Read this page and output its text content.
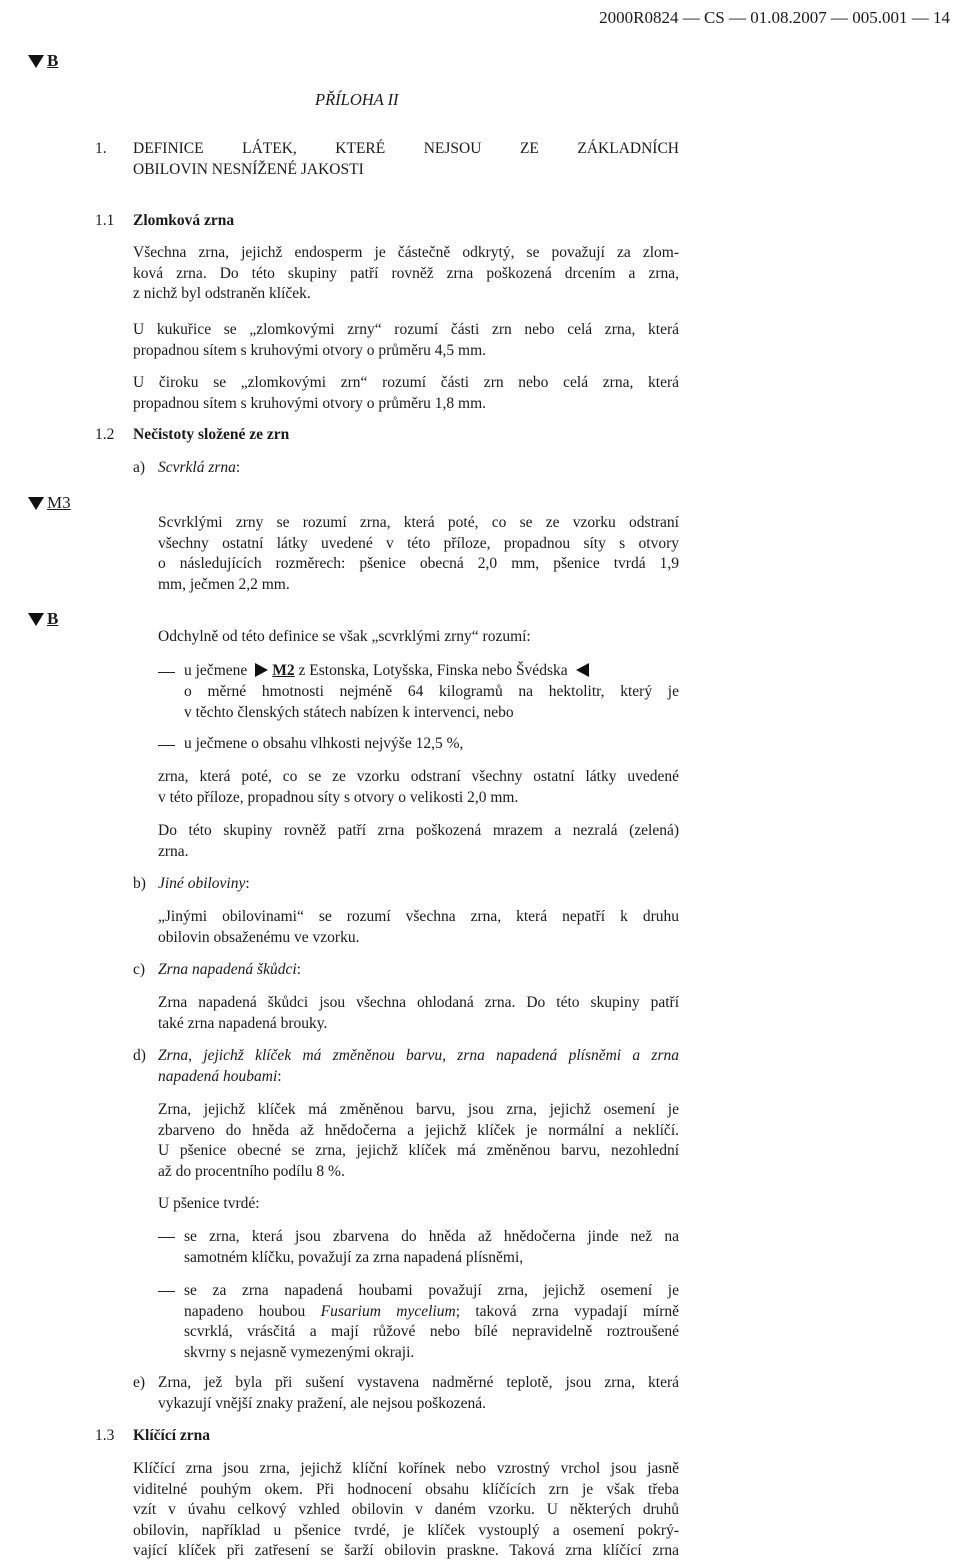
2000R0824 — CS — 01.08.2007 — 005.001 — 14
B
M3
B
PŘÍLOHA II
1. DEFINICE LÁTEK, KTERÉ NEJSOU ZE ZÁKLADNÍCH
OBILOVIN NESNÍŽENÉ JAKOSTI
1.1 Zlomková zrna
Všechna zrna, jejichž endosperm je částečně odkrytý, se považují za zlom-
ková zrna. Do této skupiny patří rovněž zrna poškozená drcením a zrna,
z nichž byl odstraněn klíček.
U kukuřice se „zlomkovými zrny“ rozumí části zrn nebo celá zrna, která
propadnou sítem s kruhovými otvory o průměru 4,5 mm.
U čiroku se „zlomkovými zrn“ rozumí části zrn nebo celá zrna, která
propadnou sítem s kruhovými otvory o průměru 1,8 mm.
1.2 Nečistoty složené ze zrn
a) Scvrklá zrna:
Scvrklými zrny se rozumí zrna, která poté, co se ze vzorku odstraní
všechny ostatní látky uvedené v této příloze, propadnou síty s otvory
o následujících rozměrech: pšenice obecná 2,0 mm, pšenice tvrdá 1,9
mm, ječmen 2,2 mm.
Odchylně od této definice se však „scvrklými zrny“ rozumí:
u ječmene M2 z Estonska, Lotyšska, Finska nebo Švédska
o měrné hmotnosti nejméně 64 kilogramů na hektolitr, který je
v těchto členských státech nabízen k intervenci, nebo
u ječmene o obsahu vlhkosti nejvýše 12,5 %,
zrna, která poté, co se ze vzorku odstraní všechny ostatní látky uvedené
v této příloze, propadnou síty s otvory o velikosti 2,0 mm.
Do této skupiny rovněž patří zrna poškozená mrazem a nezralá (zelená)
zrna.
b) Jiné obiloviny:
„Jinými obilovinami“ se rozumí všechna zrna, která nepatří k druhu
obilovin obsaženému ve vzorku.
c) Zrna napadená škůdci:
Zrna napadená škůdci jsou všechna ohlodaná zrna. Do této skupiny patří
také zrna napadená brouky.
d) Zrna, jejichž klíček má změněnou barvu, zrna napadená plísněmi a zrna
napadená houbami:
Zrna, jejichž klíček má změněnou barvu, jsou zrna, jejichž osemení je
zbarveno do hněda až hnědočerna a jejichž klíček je normální a neklíčí.
U pšenice obecné se zrna, jejichž klíček má změněnou barvu, nezohlední
až do procentního podílu 8 %.
U pšenice tvrdé:
se zrna, která jsou zbarvena do hněda až hnědočerna jinde než na
samotném klíčku, považují za zrna napadená plísněmi,
se za zrna napadená houbami považují zrna, jejichž osemení je
napadeno houbou Fusarium mycelium; taková zrna vypadají mírně
scvrklá, vrásčitá a mají růžové nebo bílé nepravidelně roztroušené
skvrny s nejasně vymezenými okraji.
e) Zrna, jež byla při sušení vystavena nadměrné teplotě, jsou zrna, která
vykazují vnější znaky pražení, ale nejsou poškozená.
1.3 Klíčící zrna
Klíčící zrna jsou zrna, jejichž klíční kořínek nebo vzrostný vrchol jsou jasně
viditelné pouhým okem. Při hodnocení obsahu klíčících zrn je však třeba
vzít v úvahu celkový vzhled obilovin v daném vzorku. U některých druhů
obilovin, například u pšenice tvrdé, je klíček vystouplý a osemení pokrý-
vající klíček při zatřesení se šarží obilovin praskne. Taková zrna klíčící zrna
